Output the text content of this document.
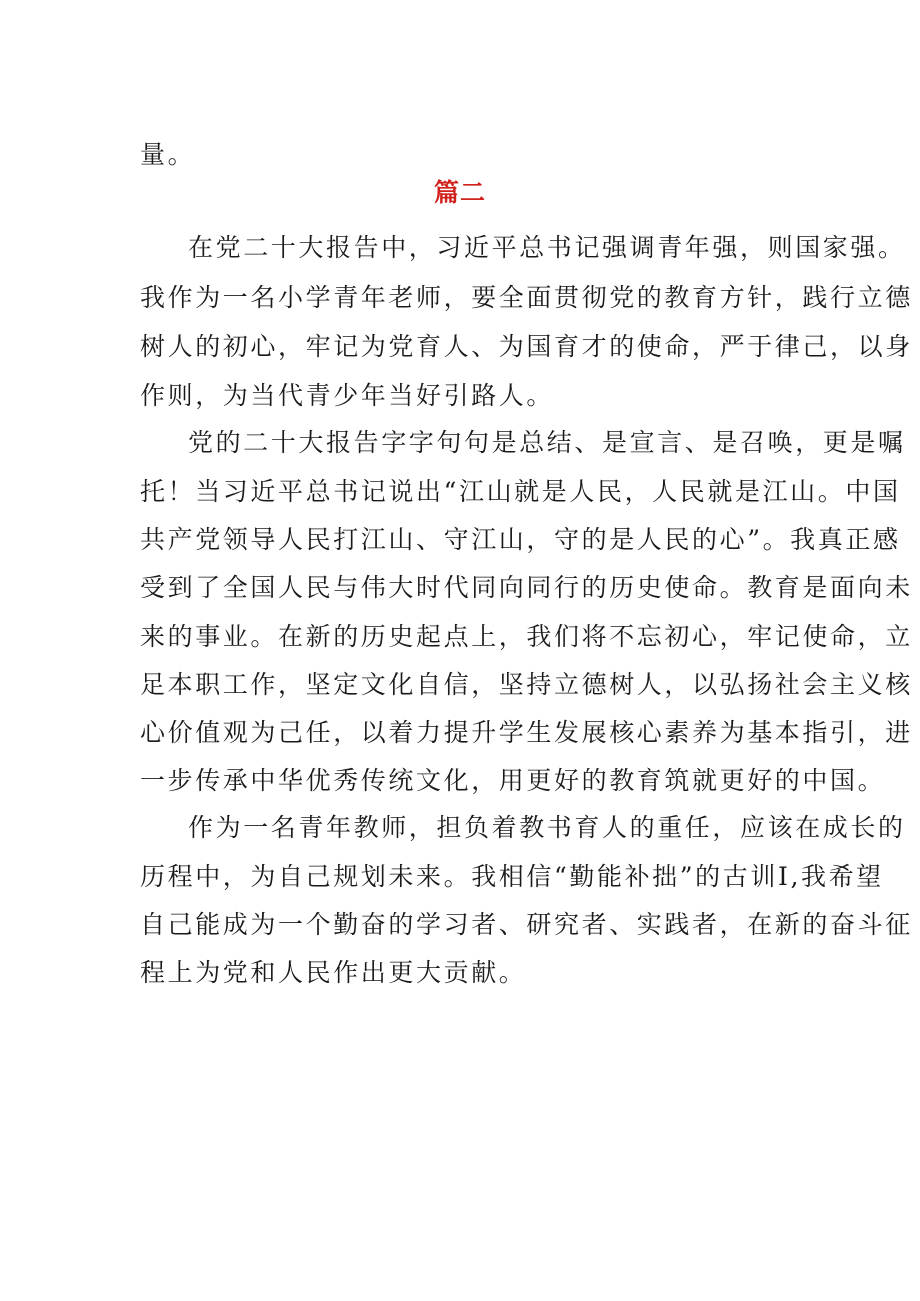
量。
篇二
在党二十大报告中，习近平总书记强调青年强，则国家强。
我作为一名小学青年老师，要全面贯彻党的教育方针，践行立德
树人的初心，牢记为党育人、为国育才的使命，严于律己，以身
作则，为当代青少年当好引路人。
党的二十大报告字字句句是总结、是宣言、是召唤，更是嘱
托！当习近平总书记说出“江山就是人民，人民就是江山。中国
共产党领导人民打江山、守江山，守的是人民的心”。我真正感
受到了全国人民与伟大时代同向同行的历史使命。教育是面向未
来的事业。在新的历史起点上，我们将不忘初心，牢记使命，立
足本职工作，坚定文化自信，坚持立德树人，以弘扬社会主义核
心价值观为己任，以着力提升学生发展核心素养为基本指引，进
一步传承中华优秀传统文化，用更好的教育筑就更好的中国。
作为一名青年教师，担负着教书育人的重任，应该在成长的
历程中，为自己规划未来。我相信“勤能补拙”的古训I,我希望
自己能成为一个勤奋的学习者、研究者、实践者，在新的奋斗征
程上为党和人民作出更大贡献。
